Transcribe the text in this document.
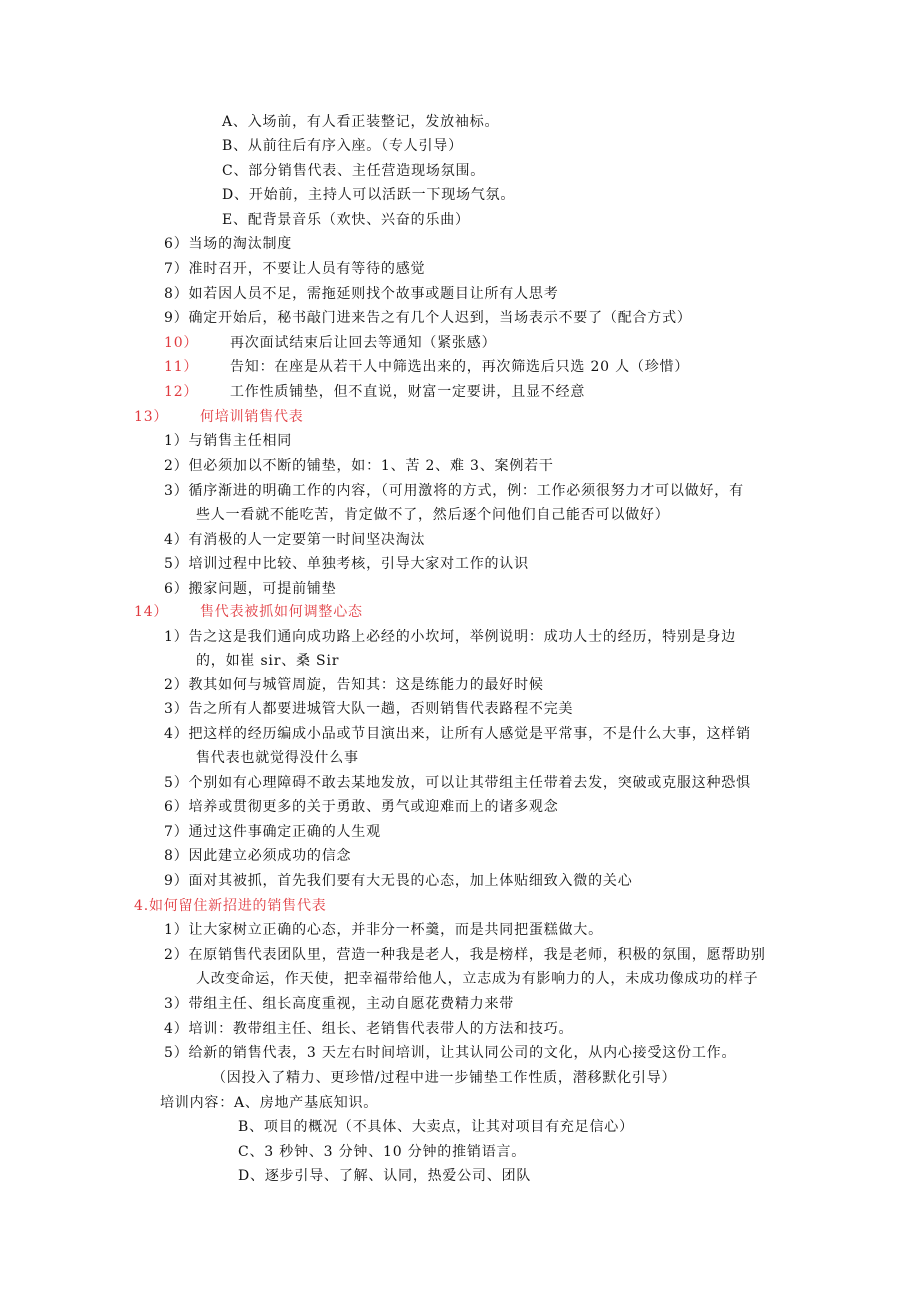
A、入场前，有人看正装整记，发放袖标。
B、从前往后有序入座。（专人引导）
C、部分销售代表、主任营造现场氛围。
D、开始前，主持人可以活跃一下现场气氛。
E、配背景音乐（欢快、兴奋的乐曲）
6）当场的淘汰制度
7）准时召开，不要让人员有等待的感觉
8）如若因人员不足，需拖延则找个故事或题目让所有人思考
9）确定开始后，秘书敲门进来告之有几个人迟到，当场表示不要了（配合方式）
10） 再次面试结束后让回去等通知（紧张感）
11） 告知：在座是从若干人中筛选出来的，再次筛选后只选 20 人（珍惜）
12） 工作性质铺垫，但不直说，财富一定要讲，且显不经意
13） 何培训销售代表
1）与销售主任相同
2）但必须加以不断的铺垫，如：1、苦 2、难 3、案例若干
3）循序渐进的明确工作的内容，（可用激将的方式，例：工作必须很努力才可以做好，有
些人一看就不能吃苦，肯定做不了，然后逐个问他们自己能否可以做好）
4）有消极的人一定要第一时间坚决淘汰
5）培训过程中比较、单独考核，引导大家对工作的认识
6）搬家问题，可提前铺垫
14） 售代表被抓如何调整心态
1）告之这是我们通向成功路上必经的小坎坷，举例说明：成功人士的经历，特别是身边
的，如崔 sir、桑 Sir
2）教其如何与城管周旋，告知其：这是练能力的最好时候
3）告之所有人都要进城管大队一趟，否则销售代表路程不完美
4）把这样的经历编成小品或节目演出来，让所有人感觉是平常事，不是什么大事，这样销
售代表也就觉得没什么事
5）个别如有心理障碍不敢去某地发放，可以让其带组主任带着去发，突破或克服这种恐惧
6）培养或贯彻更多的关于勇敢、勇气或迎难而上的诸多观念
7）通过这件事确定正确的人生观
8）因此建立必须成功的信念
9）面对其被抓，首先我们要有大无畏的心态，加上体贴细致入微的关心
4.如何留住新招进的销售代表
1）让大家树立正确的心态，并非分一杯羹，而是共同把蛋糕做大。
2）在原销售代表团队里，营造一种我是老人，我是榜样，我是老师，积极的氛围，愿帮助别
人改变命运，作天使，把幸福带给他人，立志成为有影响力的人，未成功像成功的样子
3）带组主任、组长高度重视，主动自愿花费精力来带
4）培训：教带组主任、组长、老销售代表带人的方法和技巧。
5）给新的销售代表，3 天左右时间培训，让其认同公司的文化，从内心接受这份工作。
（因投入了精力、更珍惜/过程中进一步铺垫工作性质，潜移默化引导）
培训内容：A、房地产基底知识。
B、项目的概况（不具体、大卖点，让其对项目有充足信心）
C、3 秒钟、3 分钟、10 分钟的推销语言。
D、逐步引导、了解、认同，热爱公司、团队
